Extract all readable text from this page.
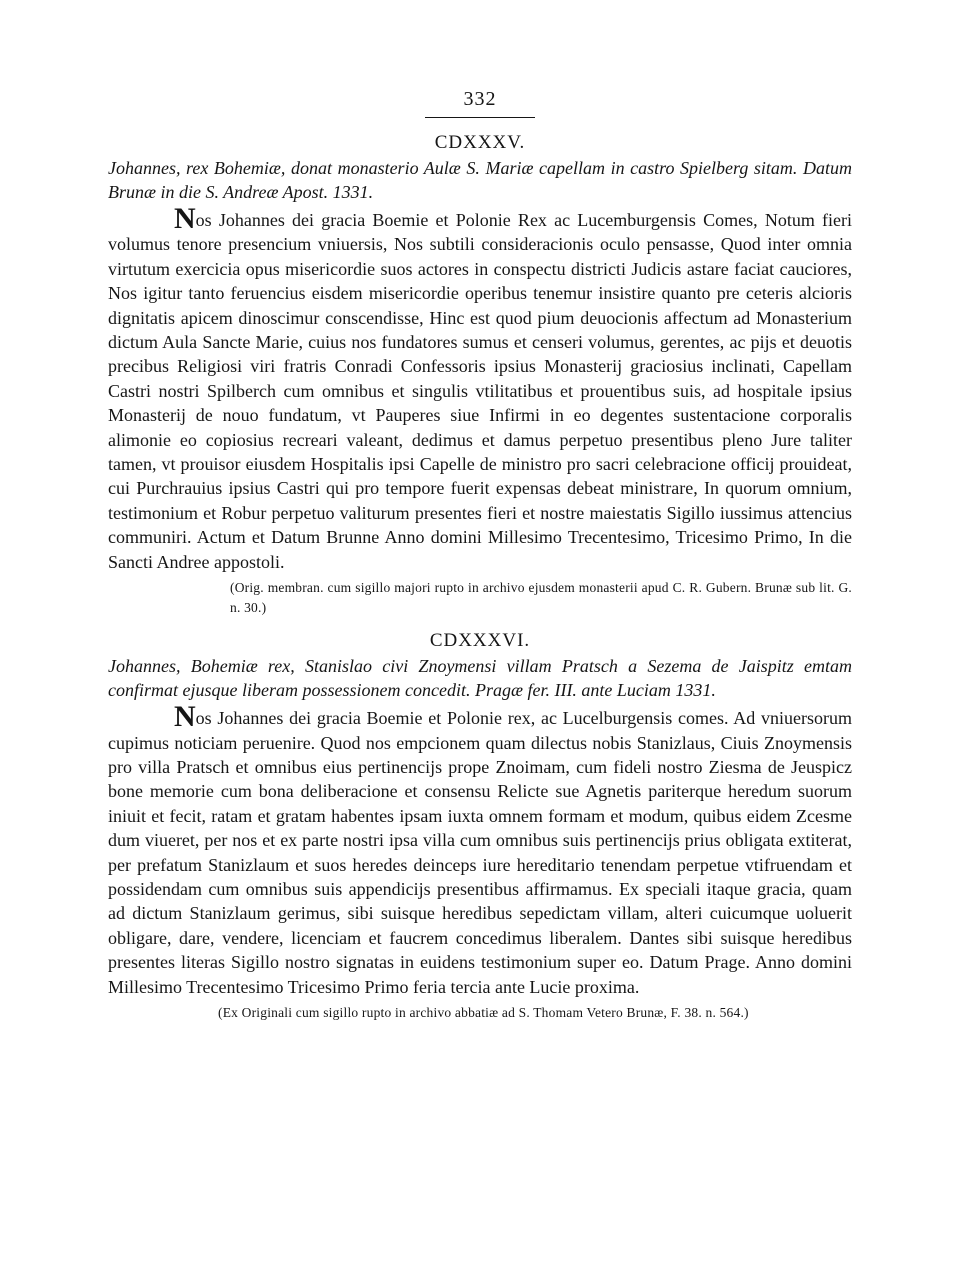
332
CDXXXV.

Johannes, rex Bohemiæ, donat monasterio Aulæ S. Mariæ capellam in castro Spielberg sitam. Datum Brunæ in die S. Andreæ Apost. 1331.

Nos Johannes dei gracia Boemie et Polonie Rex ac Lucemburgensis Comes, Notum fieri volumus tenore presencium vniuersis, Nos subtili consideracionis oculo pensasse, Quod inter omnia virtutum exercicia opus misericordie suos actores in conspectu districti Judicis astare faciat cauciores, Nos igitur tanto feruencius eisdem misericordie operibus tenemur insistire quanto pre ceteris alcioris dignitatis apicem dinoscimur conscendisse, Hinc est quod pium deuocionis affectum ad Monasterium dictum Aula Sancte Marie, cuius nos fundatores sumus et censeri volumus, gerentes, ac pijs et deuotis precibus Religiosi viri fratris Conradi Confessoris ipsius Monasterij graciosius inclinati, Capellam Castri nostri Spilberch cum omnibus et singulis vtilitatibus et prouentibus suis, ad hospitale ipsius Monasterij de nouo fundatum, vt Pauperes siue Infirmi in eo degentes sustentacione corporalis alimonie eo copiosius recreari valeant, dedimus et damus perpetuo presentibus pleno Jure taliter tamen, vt prouisor eiusdem Hospitalis ipsi Capelle de ministro pro sacri celebracione officij prouideat, cui Purchrauius ipsius Castri qui pro tempore fuerit expensas debeat ministrare, In quorum omnium, testimonium et Robur perpetuo valiturum presentes fieri et nostre maiestatis Sigillo iussimus attencius communiri. Actum et Datum Brunne Anno domini Millesimo Trecentesimo, Tricesimo Primo, In die Sancti Andree appostoli.

(Orig. membran. cum sigillo majori rupto in archivo ejusdem monasterii apud C. R. Gubern. Brunæ sub lit. G. n. 30.)

CDXXXVI.

Johannes, Bohemiæ rex, Stanislao civi Znoymensi villam Pratsch a Sezema de Jaispitz emtam confirmat ejusque liberam possessionem concedit. Pragæ fer. III. ante Luciam 1331.

Nos Johannes dei gracia Boemie et Polonie rex, ac Lucelburgensis comes. Ad vniuersorum cupimus noticiam peruenire. Quod nos empcionem quam dilectus nobis Stanizlaus, Ciuis Znoymensis pro villa Pratsch et omnibus eius pertinencijs prope Znoimam, cum fideli nostro Ziesma de Jeuspicz bone memorie cum bona deliberacione et consensu Relicte sue Agnetis pariterque heredum suorum iniuit et fecit, ratam et gratam habentes ipsam iuxta omnem formam et modum, quibus eidem Zcesme dum viueret, per nos et ex parte nostri ipsa villa cum omnibus suis pertinencijs prius obligata extiterat, per prefatum Stanizlaum et suos heredes deinceps iure hereditario tenendam perpetue vtifruendam et possidendam cum omnibus suis appendicijs presentibus affirmamus. Ex speciali itaque gracia, quam ad dictum Stanizlaum gerimus, sibi suisque heredibus sepedictam villam, alteri cuicumque uoluerit obligare, dare, vendere, licenciam et faucrem concedimus liberalem. Dantes sibi suisque heredibus presentes literas Sigillo nostro signatas in euidens testimonium super eo. Datum Prage. Anno domini Millesimo Trecentesimo Tricesimo Primo feria tercia ante Lucie proxima.

(Ex Originali cum sigillo rupto in archivo abbatiæ ad S. Thomam Vetero Brunæ, F. 38. n. 564.)
